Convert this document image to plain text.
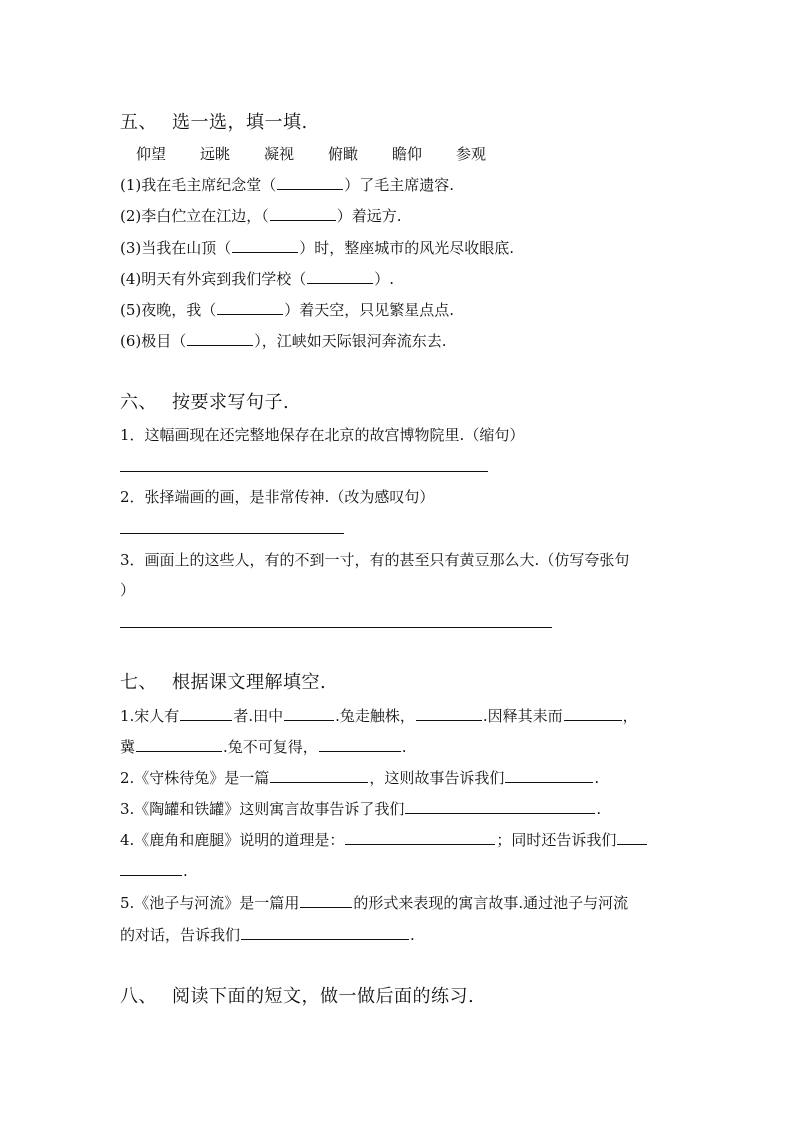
五、 选一选，填一填.
仰望 远眺 凝视 俯瞰 瞻仰 参观
(1)我在毛主席纪念堂（	）了毛主席遗容.
(2)李白伫立在江边，（	）着远方.
(3)当我在山顶（	）时，整座城市的风光尽收眼底.
(4)明天有外宾到我们学校（	）.
(5)夜晚，我（	）着天空，只见繁星点点.
(6)极目（	），江峡如天际银河奔流东去.
六、 按要求写句子.
1．这幅画现在还完整地保存在北京的故宫博物院里.（缩句）
2．张择端画的画，是非常传神.（改为感叹句）
3．画面上的这些人，有的不到一寸，有的甚至只有黄豆那么大.（仿写夸张句
）
七、 根据课文理解填空.
1.宋人有	者.田中	.兔走触株，	.因释其耒而	，
冀	.兔不可复得，	.
2.《守株待兔》是一篇	，这则故事告诉我们	.
3.《陶罐和铁罐》这则寓言故事告诉了我们	.
4.《鹿角和鹿腿》说明的道理是：	；同时还告诉我们
.
5.《池子与河流》是一篇用	的形式来表现的寓言故事.通过池子与河流
的对话，告诉我们	.
八、 阅读下面的短文，做一做后面的练习.
